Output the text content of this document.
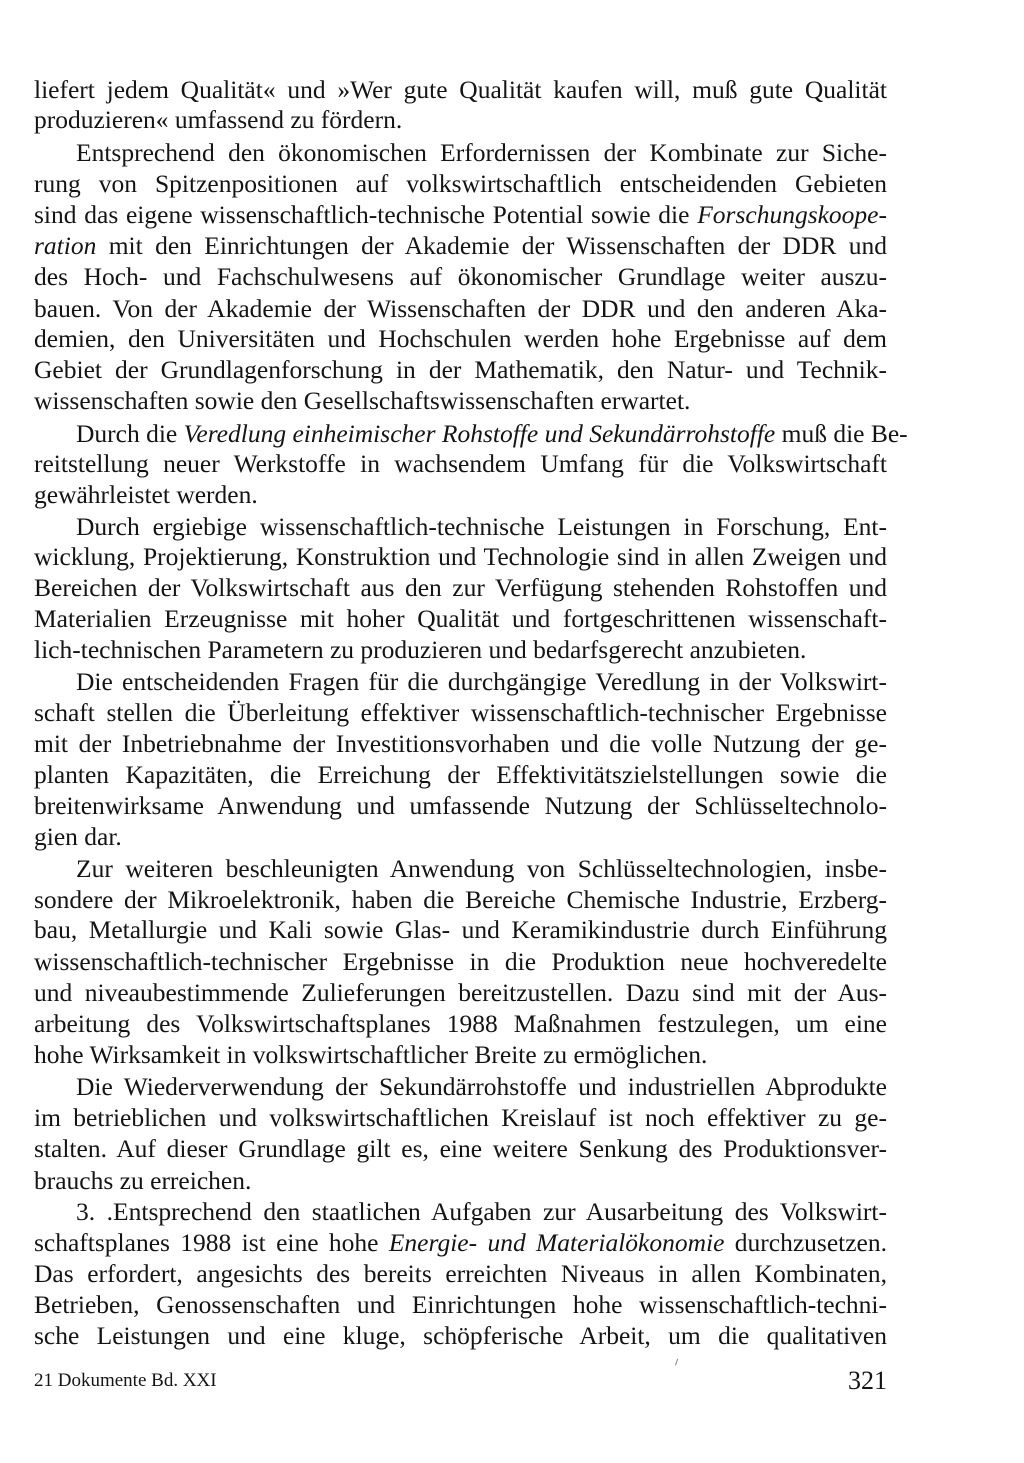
liefert jedem Qualität« und »Wer gute Qualität kaufen will, muß gute Qualität
produzieren« umfassend zu fördern.
Entsprechend den ökonomischen Erfordernissen der Kombinate zur Siche-
rung von Spitzenpositionen auf volkswirtschaftlich entscheidenden Gebieten
sind das eigene wissenschaftlich-technische Potential sowie die Forschungskoope-
ration mit den Einrichtungen der Akademie der Wissenschaften der DDR und
des Hoch- und Fachschulwesens auf ökonomischer Grundlage weiter auszu-
bauen. Von der Akademie der Wissenschaften der DDR und den anderen Aka-
demien, den Universitäten und Hochschulen werden hohe Ergebnisse auf dem
Gebiet der Grundlagenforschung in der Mathematik, den Natur- und Technik-
wissenschaften sowie den Gesellschaftswissenschaften erwartet.
Durch die Veredlung einheimischer Rohstoffe und Sekundärrohstoffe muß die Be-
reitstellung neuer Werkstoffe in wachsendem Umfang für die Volkswirtschaft
gewährleistet werden.
Durch ergiebige wissenschaftlich-technische Leistungen in Forschung, Ent-
wicklung, Projektierung, Konstruktion und Technologie sind in allen Zweigen und
Bereichen der Volkswirtschaft aus den zur Verfügung stehenden Rohstoffen und
Materialien Erzeugnisse mit hoher Qualität und fortgeschrittenen wissenschaft-
lich-technischen Parametern zu produzieren und bedarfsgerecht anzubieten.
Die entscheidenden Fragen für die durchgängige Veredlung in der Volkswirt-
schaft stellen die Überleitung effektiver wissenschaftlich-technischer Ergebnisse
mit der Inbetriebnahme der Investitionsvorhaben und die volle Nutzung der ge-
planten Kapazitäten, die Erreichung der Effektivitätszielstellungen sowie die
breitenwirksame Anwendung und umfassende Nutzung der Schlüsseltechnolo-
gien dar.
Zur weiteren beschleunigten Anwendung von Schlüsseltechnologien, insbe-
sondere der Mikroelektronik, haben die Bereiche Chemische Industrie, Erzberg-
bau, Metallurgie und Kali sowie Glas- und Keramikindustrie durch Einführung
wissenschaftlich-technischer Ergebnisse in die Produktion neue hochveredelte
und niveaubestimmende Zulieferungen bereitzustellen. Dazu sind mit der Aus-
arbeitung des Volkswirtschaftsplanes 1988 Maßnahmen festzulegen, um eine
hohe Wirksamkeit in volkswirtschaftlicher Breite zu ermöglichen.
Die Wiederverwendung der Sekundärrohstoffe und industriellen Abprodukte
im betrieblichen und volkswirtschaftlichen Kreislauf ist noch effektiver zu ge-
stalten. Auf dieser Grundlage gilt es, eine weitere Senkung des Produktionsver-
brauchs zu erreichen.
3. .Entsprechend den staatlichen Aufgaben zur Ausarbeitung des Volkswirt-
schaftsplanes 1988 ist eine hohe Energie- und Materialökonomie durchzusetzen.
Das erfordert, angesichts des bereits erreichten Niveaus in allen Kombinaten,
Betrieben, Genossenschaften und Einrichtungen hohe wissenschaftlich-techni-
sche Leistungen und eine kluge, schöpferische Arbeit, um die qualitativen
21 Dokumente Bd. XXI	321
